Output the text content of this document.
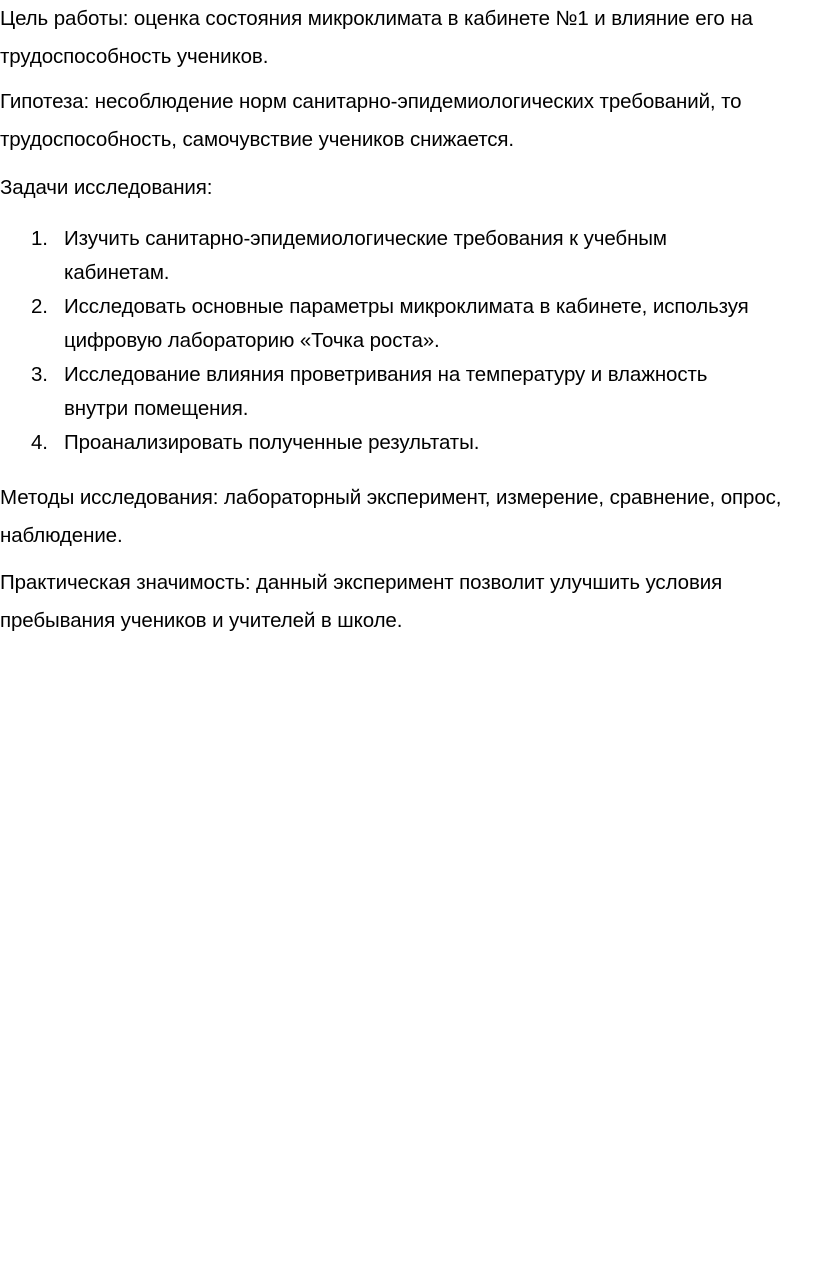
Цель работы: оценка состояния микроклимата в кабинете №1 и влияние его на трудоспособность учеников.

Гипотеза: несоблюдение норм санитарно-эпидемиологических требований, то трудоспособность, самочувствие учеников снижается.

Задачи исследования:

1. Изучить санитарно-эпидемиологические требования к учебным кабинетам.
2. Исследовать основные параметры микроклимата в кабинете, используя цифровую лабораторию «Точка роста».
3. Исследование влияния проветривания на температуру и влажность внутри помещения.
4. Проанализировать полученные результаты.

Методы исследования: лабораторный эксперимент, измерение, сравнение, опрос, наблюдение.

Практическая значимость: данный эксперимент позволит улучшить условия пребывания учеников и учителей в школе.
